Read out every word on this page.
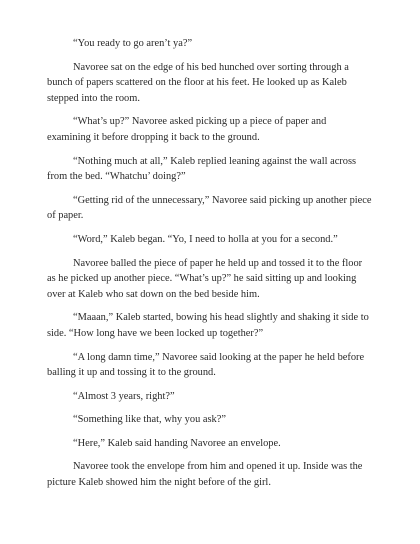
“You ready to go aren’t ya?”

Navoree sat on the edge of his bed hunched over sorting through a bunch of papers scattered on the floor at his feet. He looked up as Kaleb stepped into the room.

“What’s up?” Navoree asked picking up a piece of paper and examining it before dropping it back to the ground.

“Nothing much at all,” Kaleb replied leaning against the wall across from the bed. “Whatchu’ doing?”

“Getting rid of the unnecessary,” Navoree said picking up another piece of paper.

“Word,” Kaleb began. “Yo, I need to holla at you for a second.”

Navoree balled the piece of paper he held up and tossed it to the floor as he picked up another piece. “What’s up?” he said sitting up and looking over at Kaleb who sat down on the bed beside him.

“Maaan,” Kaleb started, bowing his head slightly and shaking it side to side. “How long have we been locked up together?”

“A long damn time,” Navoree said looking at the paper he held before balling it up and tossing it to the ground.

“Almost 3 years, right?”

“Something like that, why you ask?”

“Here,” Kaleb said handing Navoree an envelope.

Navoree took the envelope from him and opened it up. Inside was the picture Kaleb showed him the night before of the girl.
